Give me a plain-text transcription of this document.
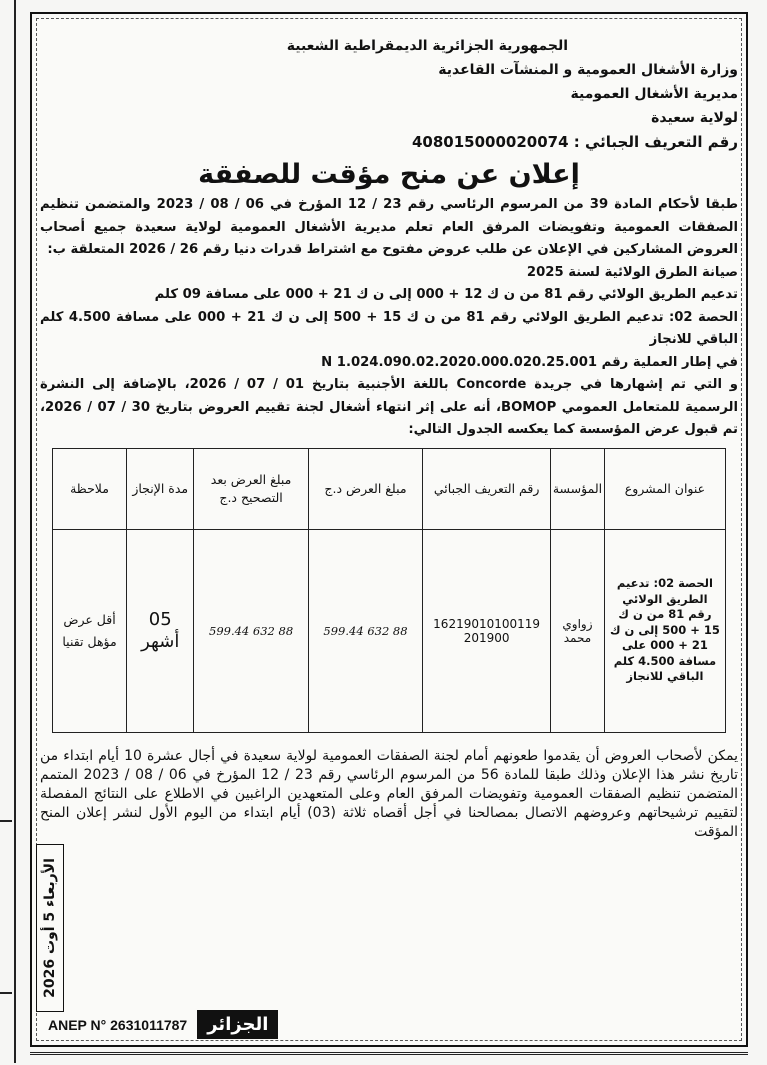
الجمهورية الجزائرية الديمقراطية الشعبية

وزارة الأشغال العمومية و المنشآت القاعدية

مديرية الأشغال العمومية

لولاية سعيدة

رقم التعريف الجبائي : 408015000020074

إعلان عن منح مؤقت للصفقة

طبقا لأحكام المادة 39 من المرسوم الرئاسي رقم 23 / 12 المؤرخ في 06 / 08 / 2023 والمتضمن تنظيم الصفقات العمومية وتفويضات المرفق العام تعلم مديرية الأشغال العمومية لولاية سعيدة جميع أصحاب العروض المشاركين في الإعلان عن طلب عروض مفتوح مع اشتراط قدرات دنيا رقم 26 / 2026 المتعلقة ب:

صيانة الطرق الولائية لسنة 2025

تدعيم الطريق الولائي رقم 81 من ن ك 12 + 000 إلى ن ك 21 + 000 على مسافة 09 كلم

الحصة 02: تدعيم الطريق الولائي رقم 81 من ن ك 15 + 500 إلى ن ك 21 + 000 على مسافة 4.500 كلم الباقي للانجاز

في إطار العملية رقم N 1.024.090.02.2020.000.020.25.001

و التي تم إشهارها في جريدة Concorde باللغة الأجنبية بتاريخ 01 / 07 / 2026، بالإضافة إلى النشرة الرسمية للمتعامل العمومي BOMOP، أنه على إثر انتهاء أشغال لجنة تقييم العروض بتاريخ 30 / 07 / 2026، تم قبول عرض المؤسسة كما يعكسه الجدول التالي:

عنوان المشروع	المؤسسة	رقم التعريف الجبائي	مبلغ العرض د.ج	مبلغ العرض بعد التصحيح د.ج	مدة الإنجاز	ملاحظة
الحصة 02: تدعيم الطريق الولائي رقم 81 من ن ك 15 + 500 إلى ن ك 21 + 000 على مسافة 4.500 كلم الباقي للانجاز	زواوي محمد	16219010100119 201900	88 632 599.44	88 632 599.44	05 أشهر	أقل عرض مؤهل تقنيا

يمكن لأصحاب العروض أن يقدموا طعونهم أمام لجنة الصفقات العمومية لولاية سعيدة في أجال عشرة 10 أيام ابتداء من تاريخ نشر هذا الإعلان وذلك طبقا للمادة 56 من المرسوم الرئاسي رقم 23 / 12 المؤرخ في 06 / 08 / 2023 المتمم المتضمن تنظيم الصفقات العمومية وتفويضات المرفق العام وعلى المتعهدين الراغبين في الاطلاع على النتائج المفصلة لتقييم ترشيحاتهم وعروضهم الاتصال بمصالحنا في أجل أقصاه ثلاثة (03) أيام ابتداء من اليوم الأول لنشر إعلان المنح المؤقت

الأربعاء 5 أوت 2026
ANEP N° 2631011787	الجزائر
